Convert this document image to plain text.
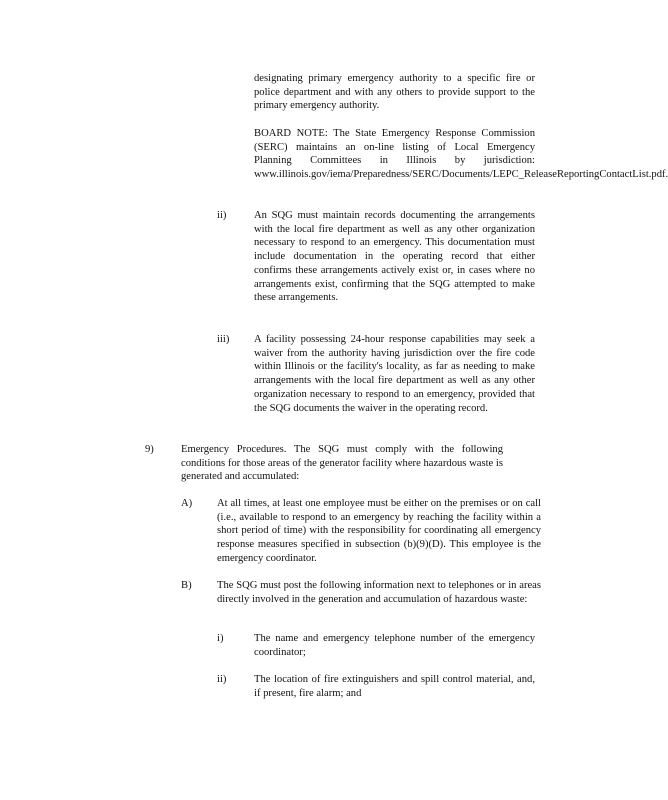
designating primary emergency authority to a specific fire or police department and with any others to provide support to the primary emergency authority.

BOARD NOTE: The State Emergency Response Commission (SERC) maintains an on-line listing of Local Emergency Planning Committees in Illinois by jurisdiction: www.illinois.gov/iema/Preparedness/SERC/Documents/LEPC_ReleaseReportingContactList.pdf.

ii)	An SQG must maintain records documenting the arrangements with the local fire department as well as any other organization necessary to respond to an emergency. This documentation must include documentation in the operating record that either confirms these arrangements actively exist or, in cases where no arrangements exist, confirming that the SQG attempted to make these arrangements.

iii) A facility possessing 24-hour response capabilities may seek a waiver from the authority having jurisdiction over the fire code within Illinois or the facility's locality, as far as needing to make arrangements with the local fire department as well as any other organization necessary to respond to an emergency, provided that the SQG documents the waiver in the operating record.

9)	Emergency Procedures. The SQG must comply with the following conditions for those areas of the generator facility where hazardous waste is generated and accumulated:

A) At all times, at least one employee must be either on the premises or on call (i.e., available to respond to an emergency by reaching the facility within a short period of time) with the responsibility for coordinating all emergency response measures specified in subsection (b)(9)(D). This employee is the emergency coordinator.

B) The SQG must post the following information next to telephones or in areas directly involved in the generation and accumulation of hazardous waste:

i)	The name and emergency telephone number of the emergency coordinator;

ii)	The location of fire extinguishers and spill control material, and, if present, fire alarm; and
